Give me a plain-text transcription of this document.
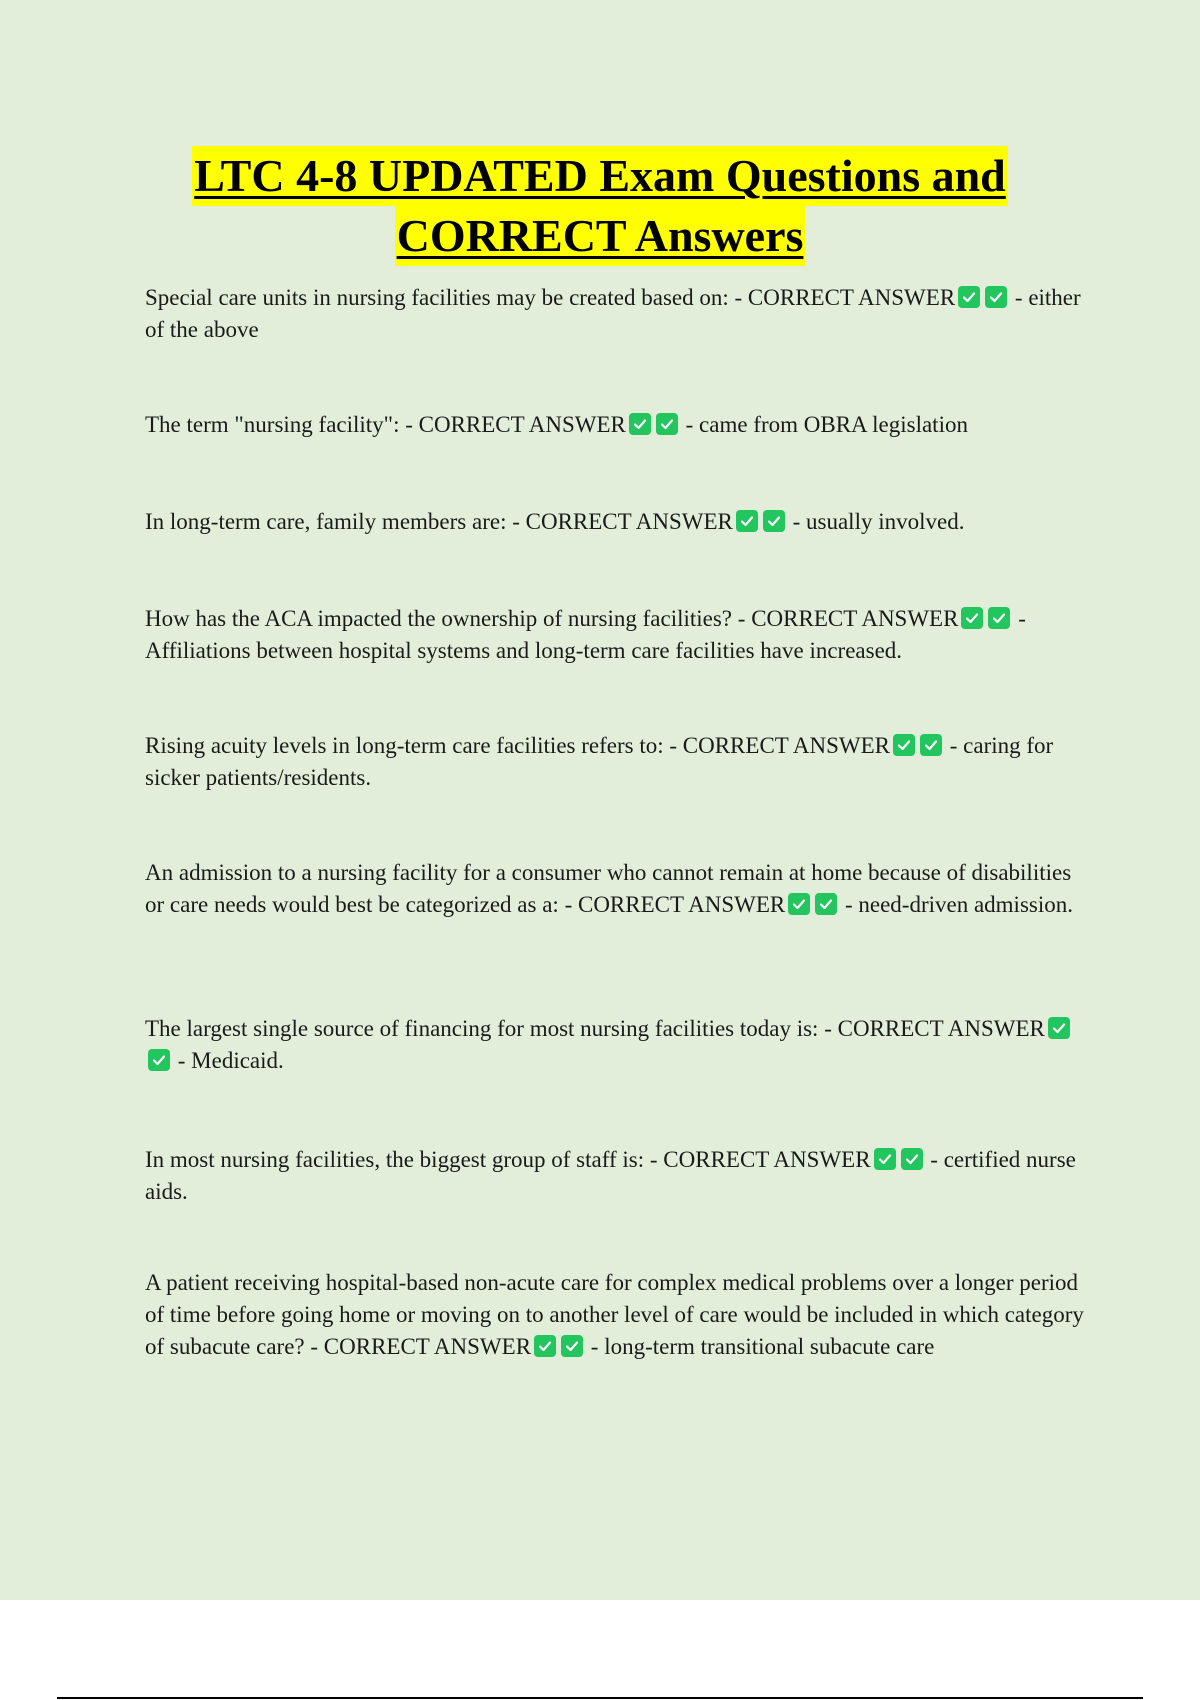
LTC 4-8 UPDATED Exam Questions and
CORRECT Answers
Special care units in nursing facilities may be created based on: - CORRECT ANSWER	- either of the above
The term "nursing facility": - CORRECT ANSWER	- came from OBRA legislation
In long-term care, family members are: - CORRECT ANSWER	- usually involved.
How has the ACA impacted the ownership of nursing facilities? - CORRECT ANSWER	- Affiliations between hospital systems and long-term care facilities have increased.
Rising acuity levels in long-term care facilities refers to: - CORRECT ANSWER	- caring for sicker patients/residents.
An admission to a nursing facility for a consumer who cannot remain at home because of disabilities or care needs would best be categorized as a: - CORRECT ANSWER	- need-driven admission.
The largest single source of financing for most nursing facilities today is: - CORRECT ANSWER
- Medicaid.
In most nursing facilities, the biggest group of staff is: - CORRECT ANSWER	- certified nurse aids.
A patient receiving hospital-based non-acute care for complex medical problems over a longer period of time before going home or moving on to another level of care would be included in which category of subacute care? - CORRECT ANSWER	- long-term transitional subacute care
